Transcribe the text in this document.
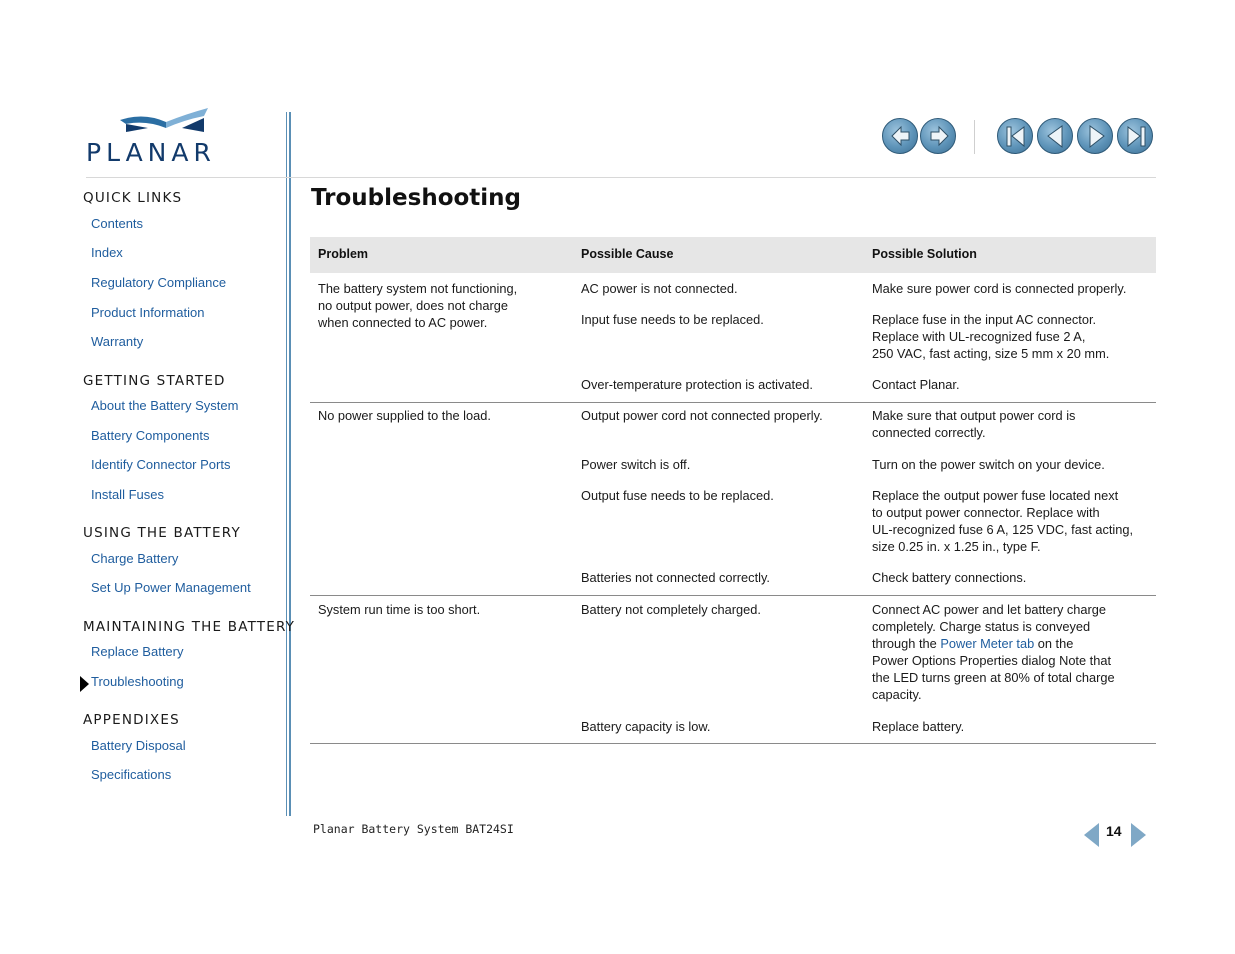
PLANAR
QUICK LINKS
Contents
Index
Regulatory Compliance
Product Information
Warranty
GETTING STARTED
About the Battery System
Battery Components
Identify Connector Ports
Install Fuses
USING THE BATTERY
Charge Battery
Set Up Power Management
MAINTAINING THE BATTERY
Replace Battery
Troubleshooting
APPENDIXES
Battery Disposal
Specifications
Troubleshooting
Problem	Possible Cause	Possible Solution
The battery system not functioning,
no output power, does not charge
when connected to AC power.
AC power is not connected.	Make sure power cord is connected properly.
Input fuse needs to be replaced.	Replace fuse in the input AC connector.
Replace with UL-recognized fuse 2 A,
250 VAC, fast acting, size 5 mm x 20 mm.
Over-temperature protection is activated.	Contact Planar.
No power supplied to the load.	Output power cord not connected properly.	Make sure that output power cord is
connected correctly.
Power switch is off.	Turn on the power switch on your device.
Output fuse needs to be replaced.	Replace the output power fuse located next
to output power connector. Replace with
UL-recognized fuse 6 A, 125 VDC, fast acting,
size 0.25 in. x 1.25 in., type F.
Batteries not connected correctly.	Check battery connections.
System run time is too short.	Battery not completely charged.	Connect AC power and let battery charge
completely. Charge status is conveyed
through the Power Meter tab on the
Power Options Properties dialog Note that
the LED turns green at 80% of total charge
capacity.
Battery capacity is low.	Replace battery.
Planar Battery System BAT24SI	14
